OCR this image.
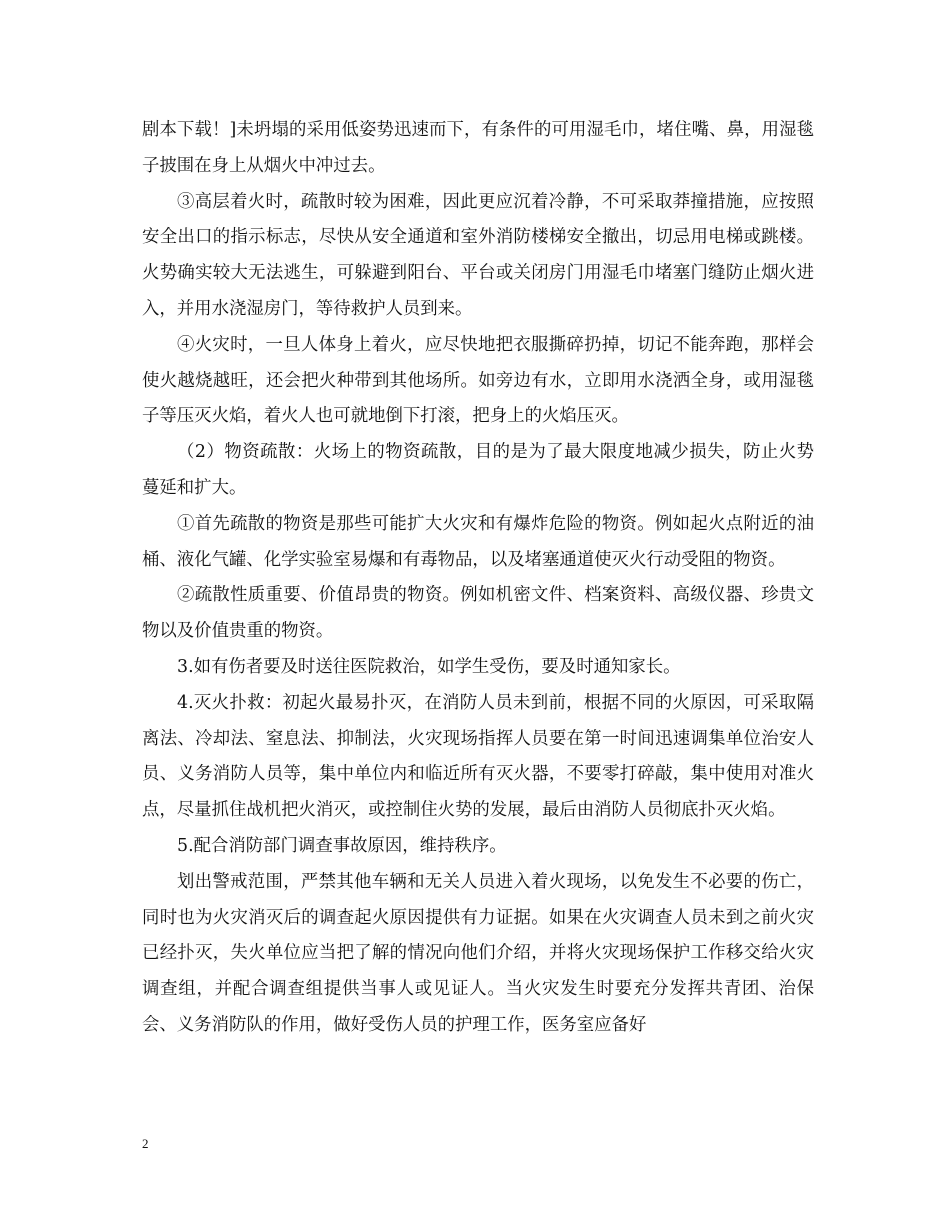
剧本下载！]未坍塌的采用低姿势迅速而下，有条件的可用湿毛巾，堵住嘴、鼻，用湿毯子披围在身上从烟火中冲过去。

③高层着火时，疏散时较为困难，因此更应沉着冷静，不可采取莽撞措施，应按照安全出口的指示标志，尽快从安全通道和室外消防楼梯安全撤出，切忌用电梯或跳楼。火势确实较大无法逃生，可躲避到阳台、平台或关闭房门用湿毛巾堵塞门缝防止烟火进入，并用水浇湿房门，等待救护人员到来。

④火灾时，一旦人体身上着火，应尽快地把衣服撕碎扔掉，切记不能奔跑，那样会使火越烧越旺，还会把火种带到其他场所。如旁边有水，立即用水浇洒全身，或用湿毯子等压灭火焰，着火人也可就地倒下打滚，把身上的火焰压灭。

（2）物资疏散：火场上的物资疏散，目的是为了最大限度地减少损失，防止火势蔓延和扩大。

①首先疏散的物资是那些可能扩大火灾和有爆炸危险的物资。例如起火点附近的油桶、液化气罐、化学实验室易爆和有毒物品，以及堵塞通道使灭火行动受阻的物资。

②疏散性质重要、价值昂贵的物资。例如机密文件、档案资料、高级仪器、珍贵文物以及价值贵重的物资。

3.如有伤者要及时送往医院救治，如学生受伤，要及时通知家长。

4.灭火扑救：初起火最易扑灭，在消防人员未到前，根据不同的火原因，可采取隔离法、冷却法、窒息法、抑制法，火灾现场指挥人员要在第一时间迅速调集单位治安人员、义务消防人员等，集中单位内和临近所有灭火器，不要零打碎敲，集中使用对准火点，尽量抓住战机把火消灭，或控制住火势的发展，最后由消防人员彻底扑灭火焰。

5.配合消防部门调查事故原因，维持秩序。

划出警戒范围，严禁其他车辆和无关人员进入着火现场，以免发生不必要的伤亡，同时也为火灾消灭后的调查起火原因提供有力证据。如果在火灾调查人员未到之前火灾已经扑灭，失火单位应当把了解的情况向他们介绍，并将火灾现场保护工作移交给火灾调查组，并配合调查组提供当事人或见证人。当火灾发生时要充分发挥共青团、治保会、义务消防队的作用，做好受伤人员的护理工作，医务室应备好

2
